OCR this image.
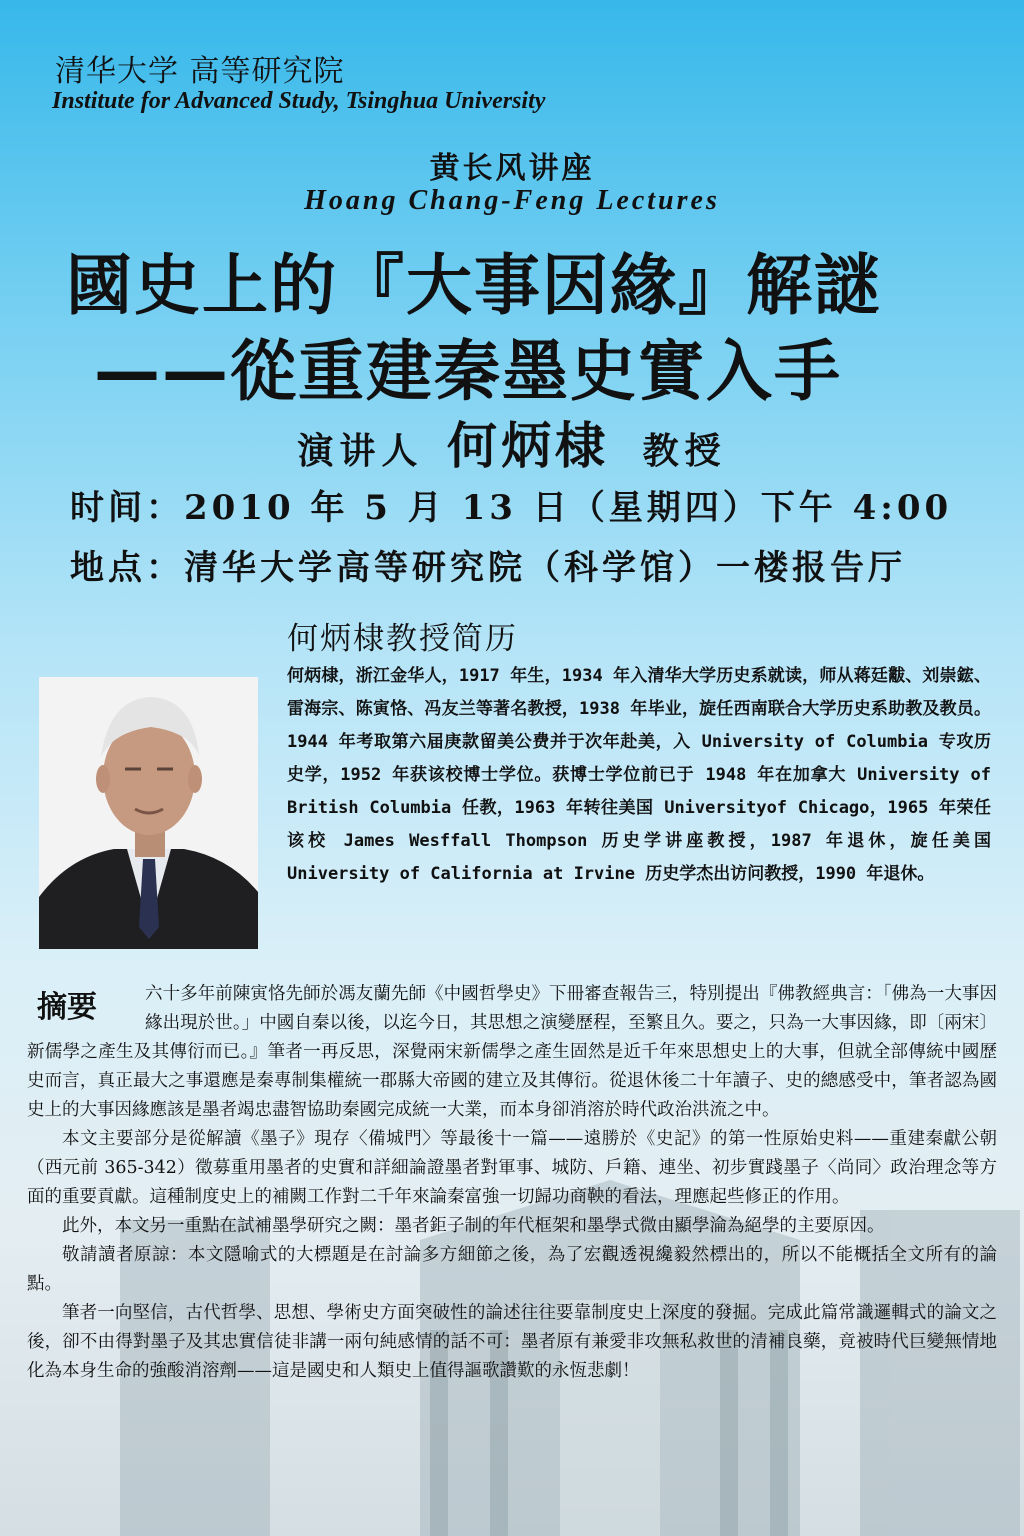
清华大学 高等研究院
Institute for Advanced Study, Tsinghua University
黄长风讲座
Hoang Chang-Feng Lectures
國史上的『大事因緣』解謎
——從重建秦墨史實入手
演讲人 何炳棣 教授
时间：2010 年 5 月 13 日（星期四）下午 4:00
地点：清华大学高等研究院（科学馆）一楼报告厅
何炳棣教授简历
何炳棣，浙江金华人，1917 年生，1934 年入清华大学历史系就读，师从蒋廷黻、刘崇鋐、雷海宗、陈寅恪、冯友兰等著名教授，1938 年毕业，旋任西南联合大学历史系助教及教员。1944 年考取第六届庚款留美公费并于次年赴美，入 University of Columbia 专攻历史学，1952 年获该校博士学位。获博士学位前已于 1948 年在加拿大 University of British Columbia 任教，1963 年转往美国 Universityof Chicago，1965 年荣任该校 James Wesffall Thompson 历史学讲座教授，1987 年退休，旋任美国 University of California at Irvine 历史学杰出访问教授，1990 年退休。
摘要	六十多年前陳寅恪先師於馮友蘭先師《中國哲學史》下冊審查報告三，特別提出『佛教經典言：「佛為一大事因緣出現於世。」中國自秦以後，以迄今日，其思想之演變歷程，至繁且久。要之，只為一大事因緣，即〔兩宋〕新儒學之產生及其傳衍而已。』筆者一再反思，深覺兩宋新儒學之產生固然是近千年來思想史上的大事，但就全部傳統中國歷史而言，真正最大之事還應是秦專制集權統一郡縣大帝國的建立及其傳衍。從退休後二十年讀子、史的總感受中，筆者認為國史上的大事因緣應該是墨者竭忠盡智協助秦國完成統一大業，而本身卻消溶於時代政治洪流之中。

本文主要部分是從解讀《墨子》現存〈備城門〉等最後十一篇——遠勝於《史記》的第一性原始史料——重建秦獻公朝（西元前 365-342）徵募重用墨者的史實和詳細論證墨者對軍事、城防、戶籍、連坐、初步實踐墨子〈尚同〉政治理念等方面的重要貢獻。這種制度史上的補闕工作對二千年來論秦富強一切歸功商鞅的看法，理應起些修正的作用。

此外，本文另一重點在試補墨學研究之闕：墨者鉅子制的年代框架和墨學式微由顯學淪為絕學的主要原因。

敬請讀者原諒：本文隱喻式的大標題是在討論多方細節之後，為了宏觀透視纔毅然標出的，所以不能概括全文所有的論點。

筆者一向堅信，古代哲學、思想、學術史方面突破性的論述往往要靠制度史上深度的發掘。完成此篇常識邏輯式的論文之後，卻不由得對墨子及其忠實信徒非講一兩句純感情的話不可：墨者原有兼愛非攻無私救世的清補良藥，竟被時代巨變無情地化為本身生命的強酸消溶劑——這是國史和人類史上值得謳歌讚歎的永恆悲劇！
